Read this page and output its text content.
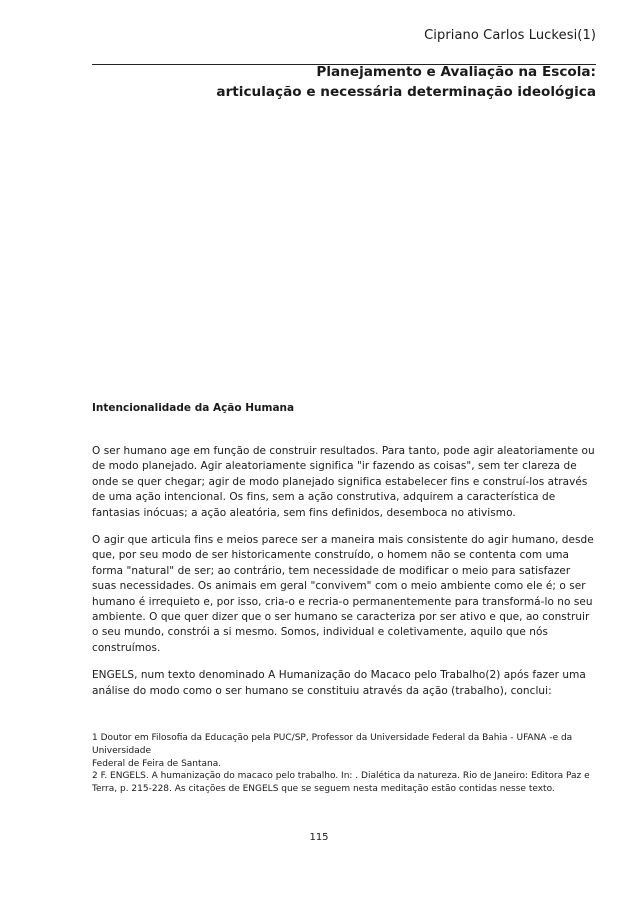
Cipriano Carlos Luckesi(1)
Planejamento e Avaliação na Escola:
articulação e necessária determinação ideológica
Intencionalidade da Ação Humana

O ser humano age em função de construir resultados. Para tanto, pode agir aleatoriamente ou de modo planejado. Agir aleatoriamente significa "ir fazendo as coisas", sem ter clareza de onde se quer chegar; agir de modo planejado significa estabelecer fins e construí-los através de uma ação intencional. Os fins, sem a ação construtiva, adquirem a característica de fantasias inócuas; a ação aleatória, sem fins definidos, desemboca no ativismo.

O agir que articula fins e meios parece ser a maneira mais consistente do agir humano, desde que, por seu modo de ser historicamente construído, o homem não se contenta com uma forma "natural" de ser; ao contrário, tem necessidade de modificar o meio para satisfazer suas necessidades. Os animais em geral "convivem" com o meio ambiente como ele é; o ser humano é irrequieto e, por isso, cria-o e recria-o permanentemente para transformá-lo no seu ambiente. O que quer dizer que o ser humano se caracteriza por ser ativo e que, ao construir o seu mundo, constrói a si mesmo. Somos, individual e coletivamente, aquilo que nós construímos.

ENGELS, num texto denominado A Humanização do Macaco pelo Trabalho(2) após fazer uma análise do modo como o ser humano se constituiu através da ação (trabalho), conclui:

1 Doutor em Filosofia da Educação pela PUC/SP, Professor da Universidade Federal da Bahia - UFANA -e da Universidade

Federal de Feira de Santana.

2 F. ENGELS. A humanização do macaco pelo trabalho. In: . Dialética da natureza. Rio de Janeiro: Editora Paz e Terra, p. 215-228. As citações de ENGELS que se seguem nesta meditação estão contidas nesse texto.

115
